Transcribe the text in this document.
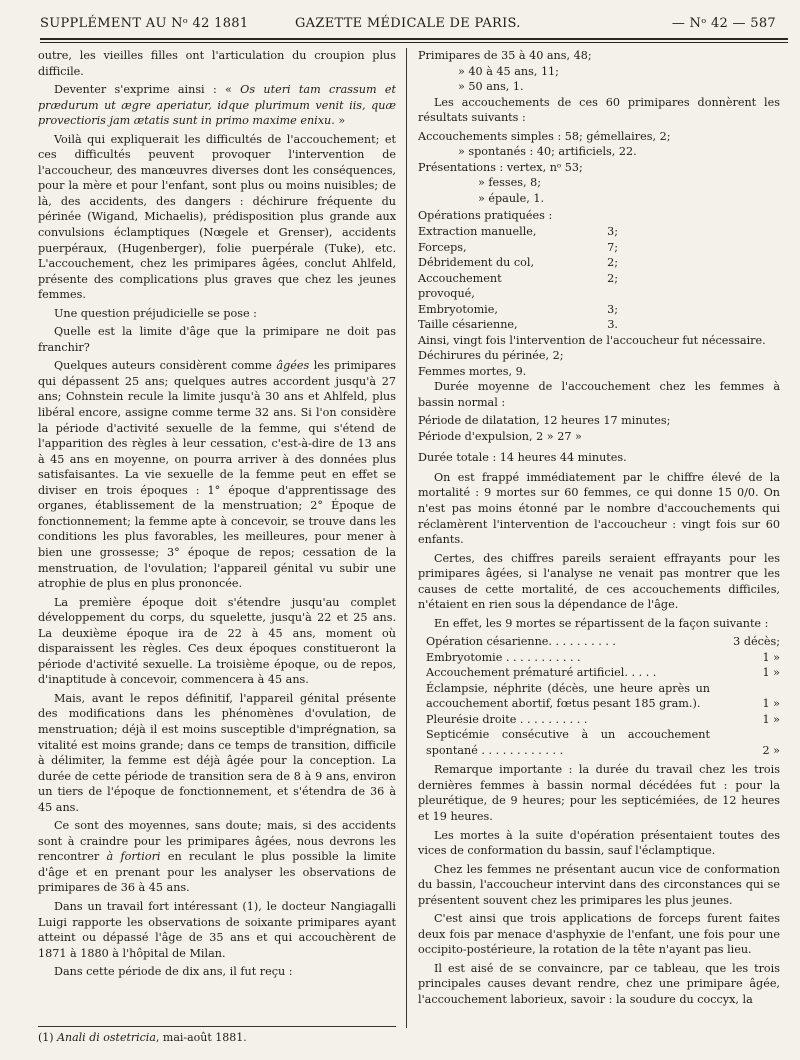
SUPPLÉMENT AU Nᵒ 42 1881	GAZETTE MÉDICALE DE PARIS.	— Nᵒ 42 — 587

outre, les vieilles filles ont l'articulation du croupion plus difficile.

Deventer s'exprime ainsi : « Os uteri tam crassum et prædurum ut ægre aperiatur, idque plurimum venit iis, quæ provectioris jam ætatis sunt in primo maxime enixu. »

Voilà qui expliquerait les difficultés de l'accouchement; et ces difficultés peuvent provoquer l'intervention de l'accoucheur, des manœuvres diverses dont les conséquences, pour la mère et pour l'enfant, sont plus ou moins nuisibles; de là, des accidents, des dangers : déchirure fréquente du périnée (Wigand, Michaelis), prédisposition plus grande aux convulsions éclamptiques (Nœgele et Grenser), accidents puerpéraux, (Hugenberger), folie puerpérale (Tuke), etc. L'accouchement, chez les primipares âgées, conclut Ahlfeld, présente des complications plus graves que chez les jeunes femmes.

Une question préjudicielle se pose :

Quelle est la limite d'âge que la primipare ne doit pas franchir?

Quelques auteurs considèrent comme âgées les primipares qui dépassent 25 ans; quelques autres accordent jusqu'à 27 ans; Cohnstein recule la limite jusqu'à 30 ans et Ahlfeld, plus libéral encore, assigne comme terme 32 ans. Si l'on considère la période d'activité sexuelle de la femme, qui s'étend de l'apparition des règles à leur cessation, c'est-à-dire de 13 ans à 45 ans en moyenne, on pourra arriver à des données plus satisfaisantes. La vie sexuelle de la femme peut en effet se diviser en trois époques : 1° époque d'apprentissage des organes, établissement de la menstruation; 2° Époque de fonctionnement; la femme apte à concevoir, se trouve dans les conditions les plus favorables, les meilleures, pour mener à bien une grossesse; 3° époque de repos; cessation de la menstruation, de l'ovulation; l'appareil génital vu subir une atrophie de plus en plus prononcée.

La première époque doit s'étendre jusqu'au complet développement du corps, du squelette, jusqu'à 22 et 25 ans. La deuxième époque ira de 22 à 45 ans, moment où disparaissent les règles. Ces deux époques constitueront la période d'activité sexuelle. La troisième époque, ou de repos, d'inaptitude à concevoir, commencera à 45 ans.

Mais, avant le repos définitif, l'appareil génital présente des modifications dans les phénomènes d'ovulation, de menstruation; déjà il est moins susceptible d'imprégnation, sa vitalité est moins grande; dans ce temps de transition, difficile à délimiter, la femme est déjà âgée pour la conception. La durée de cette période de transition sera de 8 à 9 ans, environ un tiers de l'époque de fonctionnement, et s'étendra de 36 à 45 ans.

Ce sont des moyennes, sans doute; mais, si des accidents sont à craindre pour les primipares âgées, nous devrons les rencontrer à fortiori en reculant le plus possible la limite d'âge et en prenant pour les analyser les observations de primipares de 36 à 45 ans.

Dans un travail fort intéressant (1), le docteur Nangiagalli Luigi rapporte les observations de soixante primipares ayant atteint ou dépassé l'âge de 35 ans et qui accouchèrent de 1871 à 1880 à l'hôpital de Milan.

Dans cette période de dix ans, il fut reçu :

(1) Anali di ostetricia, mai-août 1881.
Primipares de 35 à 40 ans, 48;
» 40 à 45 ans, 11;
» 50 ans, 1.

Les accouchements de ces 60 primipares donnèrent les résultats suivants :

Accouchements simples : 58; gémellaires, 2;
» spontanés : 40; artificiels, 22.
Présentations : vertex, nᵒ 53;
» fesses, 8;
» épaule, 1.
Opérations pratiquées :
Extraction manuelle,	3;
Forceps,	7;
Débridement du col,	2;
Accouchement provoqué,	2;
Embryotomie,	3;
Taille césarienne,	3.
Ainsi, vingt fois l'intervention de l'accoucheur fut nécessaire.
Déchirures du périnée, 2;
Femmes mortes, 9.

Durée moyenne de l'accouchement chez les femmes à bassin normal :

Période de dilatation, 12 heures 17 minutes;
Période d'expulsion, 2 » 27 »
Durée totale : 14 heures 44 minutes.

On est frappé immédiatement par le chiffre élevé de la mortalité : 9 mortes sur 60 femmes, ce qui donne 15 0/0. On n'est pas moins étonné par le nombre d'accouchements qui réclamèrent l'intervention de l'accoucheur : vingt fois sur 60 enfants.

Certes, des chiffres pareils seraient effrayants pour les primipares âgées, si l'analyse ne venait pas montrer que les causes de cette mortalité, de ces accouchements difficiles, n'étaient en rien sous la dépendance de l'âge.

En effet, les 9 mortes se répartissent de la façon suivante :

Opération césarienne. . . . . . . . . .	3 décès;
Embryotomie . . . . . . . . . . .	1 »
Accouchement prématuré artificiel. . . . .	1 »
Éclampsie, néphrite (décès, une heure après un accouchement abortif, fœtus pesant 185 gram.).	1 »
Pleurésie droite . . . . . . . . . .	1 »
Septicémie consécutive à un accouchement spontané . . . . . . . . . . . .	2 »

Remarque importante : la durée du travail chez les trois dernières femmes à bassin normal décédées fut : pour la pleurétique, de 9 heures; pour les septicémiées, de 12 heures et 19 heures.

Les mortes à la suite d'opération présentaient toutes des vices de conformation du bassin, sauf l'éclamptique.

Chez les femmes ne présentant aucun vice de conformation du bassin, l'accoucheur intervint dans des circonstances qui se présentent souvent chez les primipares les plus jeunes.

C'est ainsi que trois applications de forceps furent faites deux fois par menace d'asphyxie de l'enfant, une fois pour une occipito-postérieure, la rotation de la tête n'ayant pas lieu.

Il est aisé de se convaincre, par ce tableau, que les trois principales causes devant rendre, chez une primipare âgée, l'accouchement laborieux, savoir : la soudure du coccyx, la
